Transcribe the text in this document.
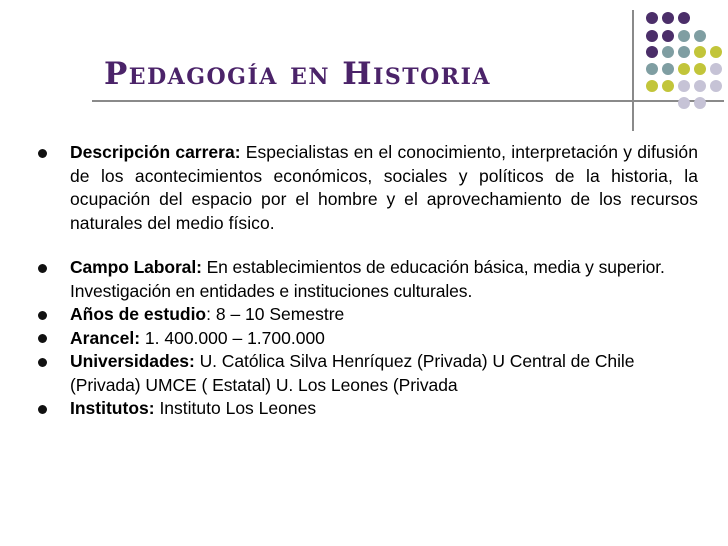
Pedagogía en Historia
Descripción carrera: Especialistas en el conocimiento, interpretación y difusión de los acontecimientos económicos, sociales y políticos de la historia, la ocupación del espacio por el hombre y el aprovechamiento de los recursos naturales del medio físico.
Campo Laboral: En establecimientos de educación básica, media y superior. Investigación en entidades e instituciones culturales.
Años de estudio: 8 – 10 Semestre
Arancel: 1. 400.000 – 1.700.000
Universidades: U. Católica Silva Henríquez (Privada) U Central de Chile (Privada) UMCE ( Estatal) U. Los Leones (Privada
Institutos: Instituto Los Leones
